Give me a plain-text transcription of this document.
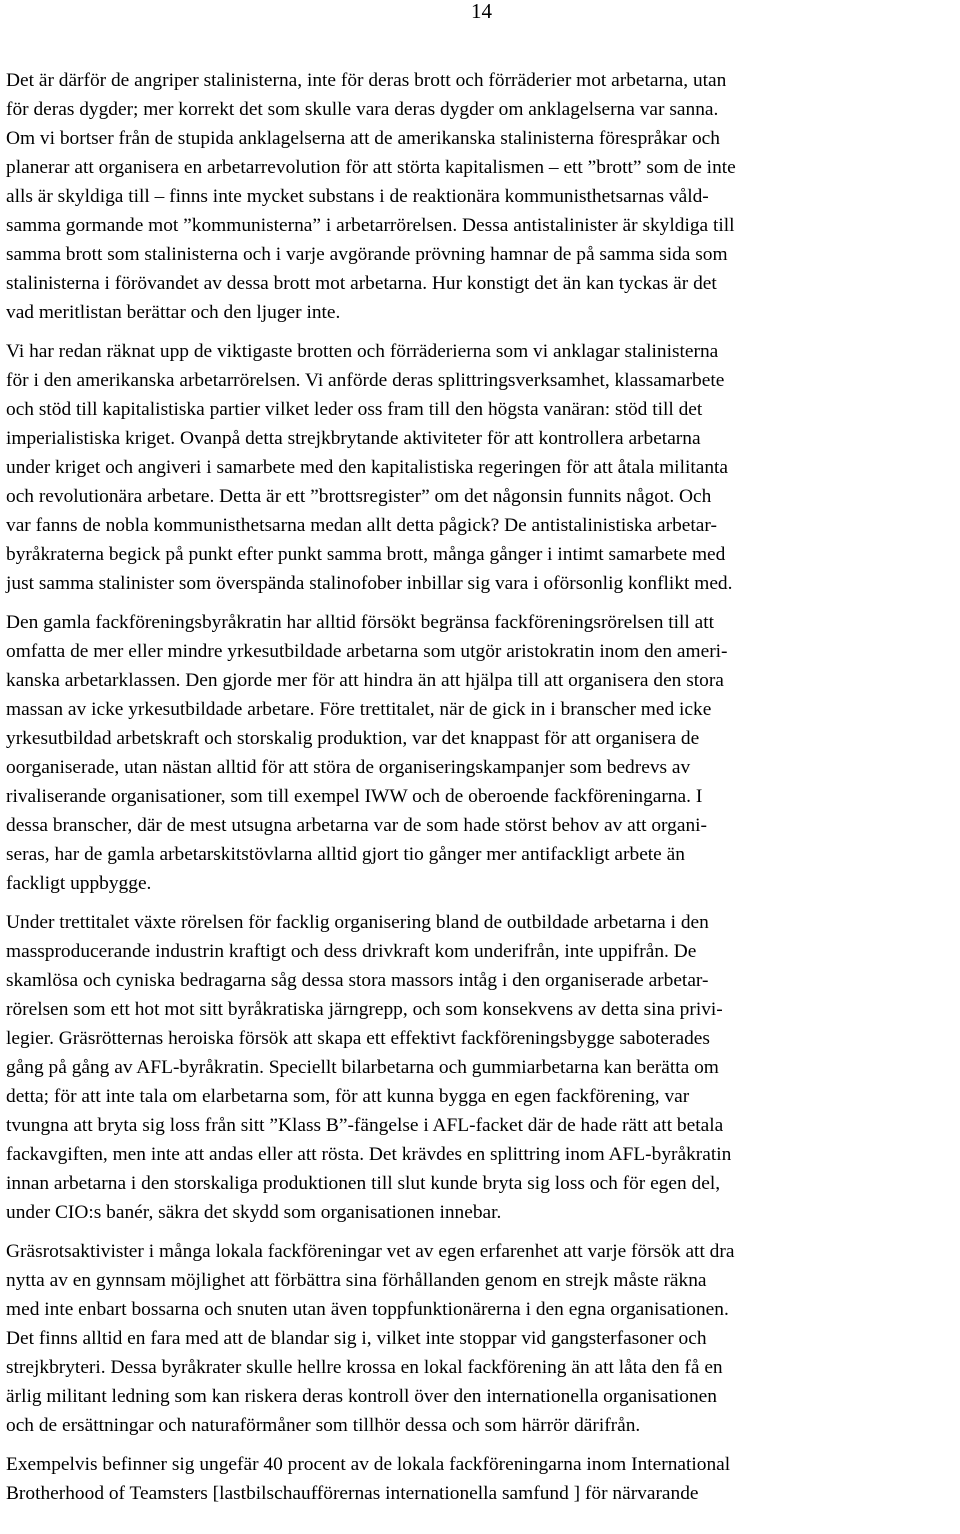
14

Det är därför de angriper stalinisterna, inte för deras brott och förräderier mot arbetarna, utan
för deras dygder; mer korrekt det som skulle vara deras dygder om anklagelserna var sanna.
Om vi bortser från de stupida anklagelserna att de amerikanska stalinisterna förespråkar och
planerar att organisera en arbetarrevolution för att störta kapitalismen – ett ”brott” som de inte
alls är skyldiga till – finns inte mycket substans i de reaktionära kommunisthetsarnas våld-
samma gormande mot ”kommunisterna” i arbetarrörelsen. Dessa antistalinister är skyldiga till
samma brott som stalinisterna och i varje avgörande prövning hamnar de på samma sida som
stalinisterna i förövandet av dessa brott mot arbetarna. Hur konstigt det än kan tyckas är det
vad meritlistan berättar och den ljuger inte.

Vi har redan räknat upp de viktigaste brotten och förräderierna som vi anklagar stalinisterna
för i den amerikanska arbetarrörelsen. Vi anförde deras splittringsverksamhet, klassamarbete
och stöd till kapitalistiska partier vilket leder oss fram till den högsta vanäran: stöd till det
imperialistiska kriget. Ovanpå detta strejkbrytande aktiviteter för att kontrollera arbetarna
under kriget och angiveri i samarbete med den kapitalistiska regeringen för att åtala militanta
och revolutionära arbetare. Detta är ett ”brottsregister” om det någonsin funnits något. Och
var fanns de nobla kommunisthetsarna medan allt detta pågick? De antistalinistiska arbetar-
byråkraterna begick på punkt efter punkt samma brott, många gånger i intimt samarbete med
just samma stalinister som överspända stalinofober inbillar sig vara i oförsonlig konflikt med.

Den gamla fackföreningsbyråkratin har alltid försökt begränsa fackföreningsrörelsen till att
omfatta de mer eller mindre yrkesutbildade arbetarna som utgör aristokratin inom den ameri-
kanska arbetarklassen. Den gjorde mer för att hindra än att hjälpa till att organisera den stora
massan av icke yrkesutbildade arbetare. Före trettitalet, när de gick in i branscher med icke
yrkesutbildad arbetskraft och storskalig produktion, var det knappast för att organisera de
oorganiserade, utan nästan alltid för att störa de organiseringskampanjer som bedrevs av
rivaliserande organisationer, som till exempel IWW och de oberoende fackföreningarna. I
dessa branscher, där de mest utsugna arbetarna var de som hade störst behov av att organi-
seras, har de gamla arbetarskitstövlarna alltid gjort tio gånger mer antifackligt arbete än
fackligt uppbygge.

Under trettitalet växte rörelsen för facklig organisering bland de outbildade arbetarna i den
massproducerande industrin kraftigt och dess drivkraft kom underifrån, inte uppifrån. De
skamlösa och cyniska bedragarna såg dessa stora massors intåg i den organiserade arbetar-
rörelsen som ett hot mot sitt byråkratiska järngrepp, och som konsekvens av detta sina privi-
legier. Gräsrötternas heroiska försök att skapa ett effektivt fackföreningsbygge saboterades
gång på gång av AFL-byråkratin. Speciellt bilarbetarna och gummiarbetarna kan berätta om
detta; för att inte tala om elarbetarna som, för att kunna bygga en egen fackförening, var
tvungna att bryta sig loss från sitt ”Klass B”-fängelse i AFL-facket där de hade rätt att betala
fackavgiften, men inte att andas eller att rösta. Det krävdes en splittring inom AFL-byråkratin
innan arbetarna i den storskaliga produktionen till slut kunde bryta sig loss och för egen del,
under CIO:s banér, säkra det skydd som organisationen innebar.

Gräsrotsaktivister i många lokala fackföreningar vet av egen erfarenhet att varje försök att dra
nytta av en gynnsam möjlighet att förbättra sina förhållanden genom en strejk måste räkna
med inte enbart bossarna och snuten utan även toppfunktionärerna i den egna organisationen.
Det finns alltid en fara med att de blandar sig i, vilket inte stoppar vid gangsterfasoner och
strejkbryteri. Dessa byråkrater skulle hellre krossa en lokal fackförening än att låta den få en
ärlig militant ledning som kan riskera deras kontroll över den internationella organisationen
och de ersättningar och naturaförmåner som tillhör dessa och som härrör därifrån.

Exempelvis befinner sig ungefär 40 procent av de lokala fackföreningarna inom International
Brotherhood of Teamsters [lastbilschaufförernas internationella samfund ] för närvarande
